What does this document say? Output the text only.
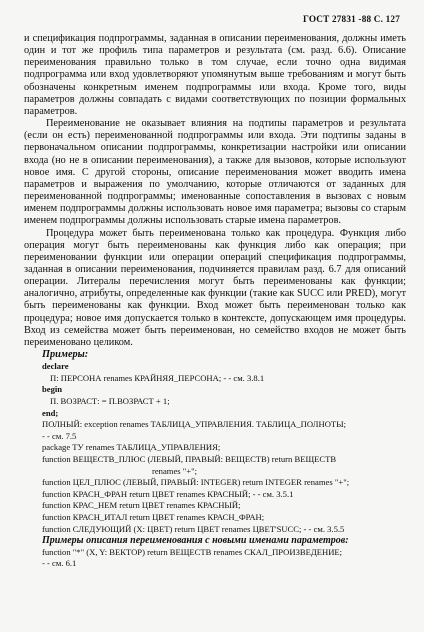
ГОСТ 27831 -88 С. 127

и спецификация подпрограммы, заданная в описании переименования, должны иметь один и тот же профиль типа параметров и результата (см. разд. 6.6). Описание переименования правильно только в том случае, если точно одна видимая подпрограмма или вход удовлетворяют упомянутым выше требованиям и могут быть обозначены конкретным именем подпрограммы или входа. Кроме того, виды параметров должны совпадать с видами соответствующих по позиции формальных параметров.

Переименование не оказывает влияния на подтипы параметров и результата (если он есть) переименованной подпрограммы или входа. Эти подтипы заданы в первоначальном описании подпрограммы, конкретизации настройки или описании входа (но не в описании переименования), а также для вызовов, которые используют новое имя. С другой стороны, описание переименования может вводить имена параметров и выражения по умолчанию, которые отличаются от заданных для переименованной подпрограммы; именованные сопоставления в вызовах с новым именем подпрограммы должны использовать новое имя параметра; вызовы со старым именем подпрограммы должны использовать старые имена параметров.

Процедура может быть переименована только как процедура. Функция либо операция могут быть переименованы как функция либо как операция; при переименовании функции или операции операций спецификация подпрограммы, заданная в описании переименования, подчиняется правилам разд. 6.7 для описаний операции. Литералы перечисления могут быть переименованы как функции; аналогично, атрибуты, определенные как функции (такие как SUCC или PRED), могут быть переименованы как функции. Вход может быть переименован только как процедура; новое имя допускается только в контексте, допускающем имя процедуры. Вход из семейства может быть переименован, но семейство входов не может быть переименовано целиком.

Примеры:

declare
П: ПЕРСОНА renames КРАЙНЯЯ_ПЕРСОНА; - - см. 3.8.1
begin
П. ВОЗРАСТ: = П.ВОЗРАСТ + 1;
end;
ПОЛНЫЙ: exception renames ТАБЛИЦА_УПРАВЛЕНИЯ. ТАБЛИЦА_ПОЛНОТЫ;
- - см. 7.5
package ТУ renames ТАБЛИЦА_УПРАВЛЕНИЯ;
function ВЕЩЕСТВ_ПЛЮС (ЛЕВЫЙ, ПРАВЫЙ: ВЕЩЕСТВ) return ВЕЩЕСТВ
renames "+";
function ЦЕЛ_ПЛЮС (ЛЕВЫЙ, ПРАВЫЙ: INTEGER) return INTEGER renames "+";
function КРАСН_ФРАН return ЦВЕТ renames КРАСНЫЙ; - - см. 3.5.1
function КРАС_НЕМ return ЦВЕТ renames КРАСНЫЙ;
function КРАСН_ИТАЛ return ЦВЕТ renames КРАСН_ФРАН;
function СЛЕДУЮЩИЙ (X: ЦВЕТ) return ЦВЕТ renames ЦВЕТ'SUCC; - - см. 3.5.5
Примеры описания переименования с новыми именами параметров:
function "*" (X, Y: ВЕКТОР) return ВЕЩЕСТВ renames СКАЛ_ПРОИЗВЕДЕНИЕ;
- - см. 6.1
